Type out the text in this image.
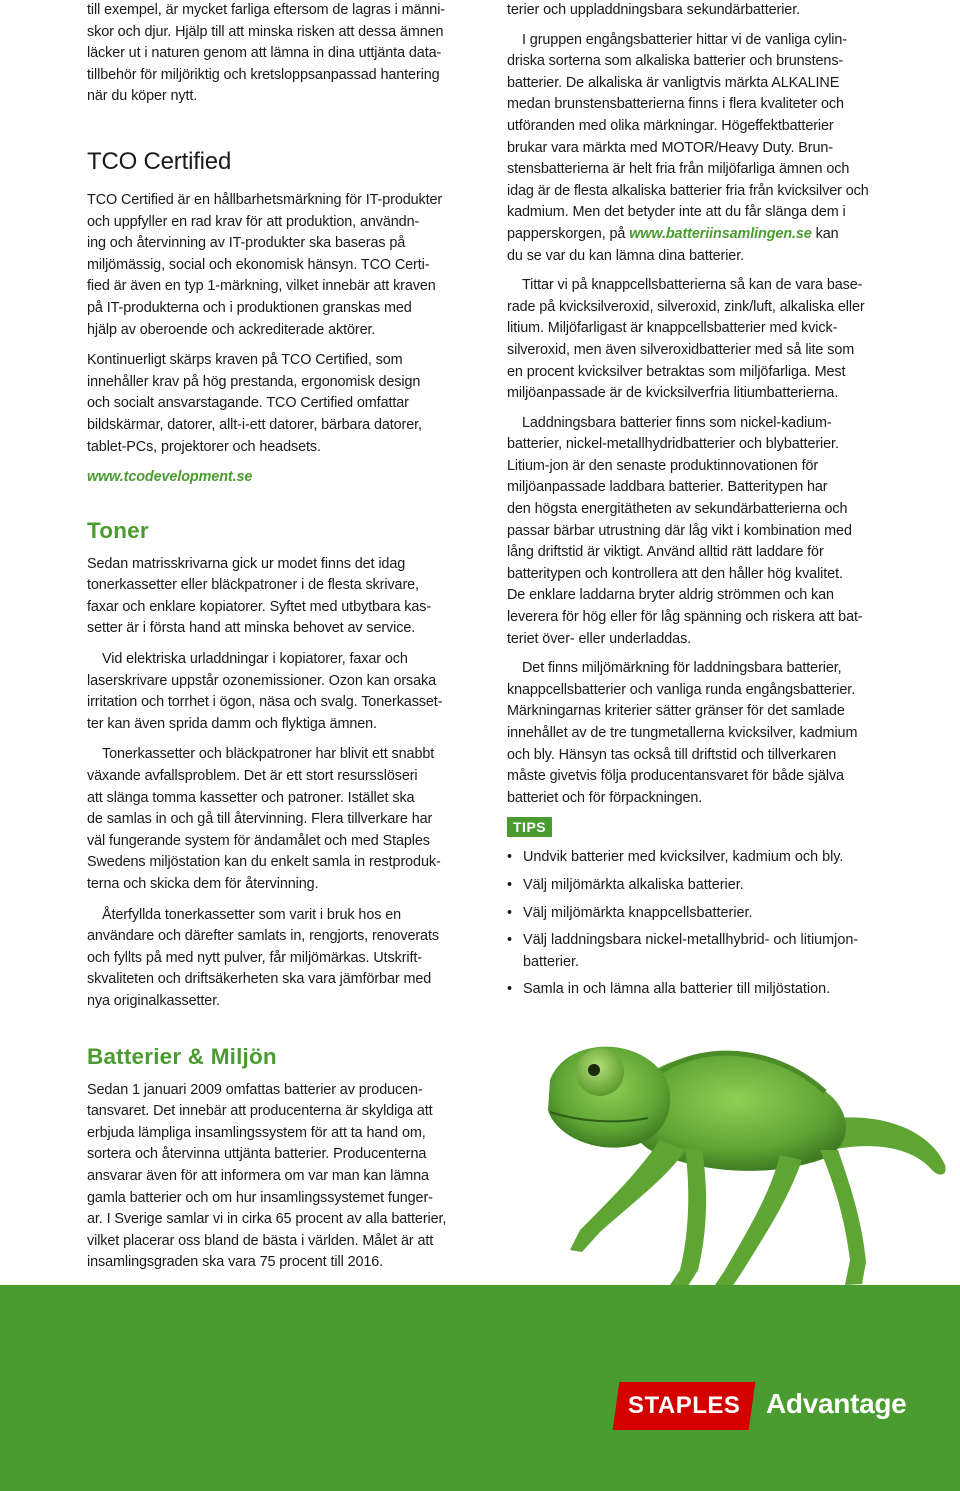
till exempel, är mycket farliga eftersom de lagras i männi-

skor och djur. Hjälp till att minska risken att dessa ämnen

läcker ut i naturen genom att lämna in dina uttjänta data-

tillbehör för miljöriktig och kretsloppsanpassad hantering

när du köper nytt.

TCO Certified

TCO Certified är en hållbarhetsmärkning för IT-produkter

och uppfyller en rad krav för att produktion, användn-

ing och återvinning av IT-produkter ska baseras på

miljömässig, social och ekonomisk hänsyn. TCO Certi-

fied är även en typ 1-märkning, vilket innebär att kraven

på IT-produkterna och i produktionen granskas med

hjälp av oberoende och ackrediterade aktörer.

Kontinuerligt skärps kraven på TCO Certified, som

innehåller krav på hög prestanda, ergonomisk design

och socialt ansvarstagande. TCO Certified omfattar

bildskärmar, datorer, allt-i-ett datorer, bärbara datorer,

tablet-PCs, projektorer och headsets.

www.tcodevelopment.se

Toner

Sedan matrisskrivarna gick ur modet finns det idag

tonerkassetter eller bläckpatroner i de flesta skrivare,

faxar och enklare kopiatorer. Syftet med utbytbara kas-

setter är i första hand att minska behovet av service.

Vid elektriska urladdningar i kopiatorer, faxar och

laserskrivare uppstår ozonemissioner. Ozon kan orsaka

irritation och torrhet i ögon, näsa och svalg. Tonerkasset-

ter kan även sprida damm och flyktiga ämnen.

Tonerkassetter och bläckpatroner har blivit ett snabbt

växande avfallsproblem. Det är ett stort resursslöseri

att slänga tomma kassetter och patroner. Istället ska

de samlas in och gå till återvinning. Flera tillverkare har

väl fungerande system för ändamålet och med Staples

Swedens miljöstation kan du enkelt samla in restproduk-

terna och skicka dem för återvinning.

Återfyllda tonerkassetter som varit i bruk hos en

användare och därefter samlats in, rengjorts, renoverats

och fyllts på med nytt pulver, får miljömärkas. Utskrift-

skvaliteten och driftsäkerheten ska vara jämförbar med

nya originalkassetter.

Batterier & Miljön

Sedan 1 januari 2009 omfattas batterier av producen-

tansvaret. Det innebär att producenterna är skyldiga att

erbjuda lämpliga insamlingssystem för att ta hand om,

sortera och återvinna uttjänta batterier. Producenterna

ansvarar även för att informera om var man kan lämna

gamla batterier och om hur insamlingssystemet funger-

ar. I Sverige samlar vi in cirka 65 procent av alla batterier,

vilket placerar oss bland de bästa i världen. Målet är att

insamlingsgraden ska vara 75 procent till 2016.

terier och uppladdningsbara sekundärbatterier.

I gruppen engångsbatterier hittar vi de vanliga cylin-

driska sorterna som alkaliska batterier och brunstens-

batterier. De alkaliska är vanligtvis märkta ALKALINE

medan brunstensbatterierna finns i flera kvaliteter och

utföranden med olika märkningar. Högeffektbatterier

brukar vara märkta med MOTOR/Heavy Duty. Brun-

stensbatterierna är helt fria från miljöfarliga ämnen och

idag är de flesta alkaliska batterier fria från kvicksilver och

kadmium. Men det betyder inte att du får slänga dem i

papperskorgen, på www.batteriinsamlingen.se kan

du se var du kan lämna dina batterier.

Tittar vi på knappcellsbatterierna så kan de vara base-

rade på kvicksilveroxid, silveroxid, zink/luft, alkaliska eller

litium. Miljöfarligast är knappcellsbatterier med kvick-

silveroxid, men även silveroxidbatterier med så lite som

en procent kvicksilver betraktas som miljöfarliga. Mest

miljöanpassade är de kvicksilverfria litiumbatterierna.

Laddningsbara batterier finns som nickel-kadium-

batterier, nickel-metallhydridbatterier och blybatterier.

Litium-jon är den senaste produktinnovationen för

miljöanpassade laddbara batterier. Batteritypen har

den högsta energitätheten av sekundärbatterierna och

passar bärbar utrustning där låg vikt i kombination med

lång driftstid är viktigt. Använd alltid rätt laddare för

batteritypen och kontrollera att den håller hög kvalitet.

De enklare laddarna bryter aldrig strömmen och kan

leverera för hög eller för låg spänning och riskera att bat-

teriet över- eller underladdas.

Det finns miljömärkning för laddningsbara batterier,

knappcellsbatterier och vanliga runda engångsbatterier.

Märkningarnas kriterier sätter gränser för det samlade

innehållet av de tre tungmetallerna kvicksilver, kadmium

och bly. Hänsyn tas också till driftstid och tillverkaren

måste givetvis följa producentansvaret för både själva

batteriet och för förpackningen.

TIPS
• Undvik batterier med kvicksilver, kadmium och bly.
• Välj miljömärkta alkaliska batterier.
• Välj miljömärkta knappcellsbatterier.
• Välj laddningsbara nickel-metallhybrid- och litiumjon-
batterier.
• Samla in och lämna alla batterier till miljöstation.
STAPLES Advantage
